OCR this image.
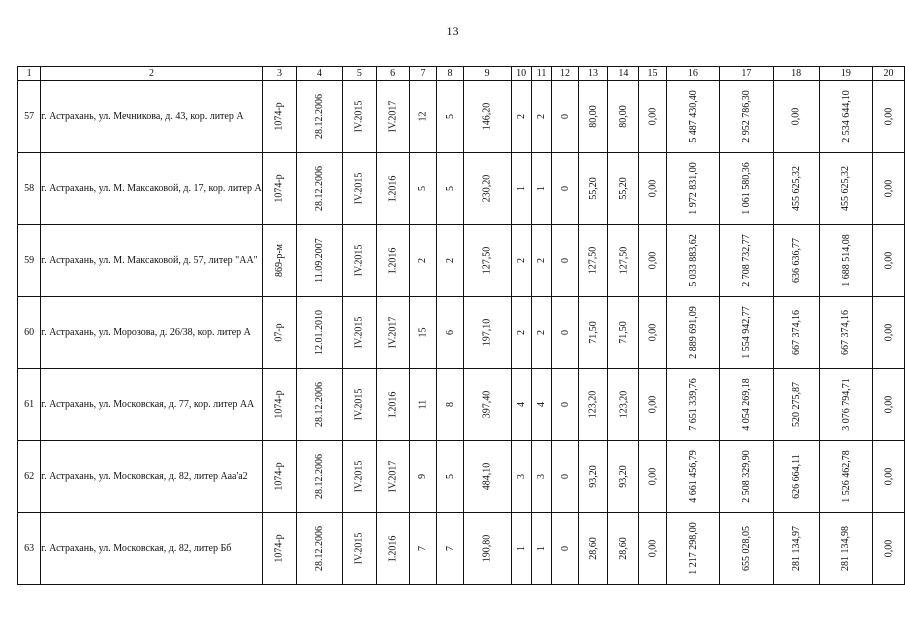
13
1	2	3	4	5	6	7	8	9	10	11	12	13	14	15	16	17	18	19	20
57	г. Астрахань, ул. Мечникова, д. 43, кор. литер А	1074-р	28.12.2006	IV.2015	IV.2017	12	5	146,20	2	2	0	80,00	80,00	0,00	5 487 430,40	2 952 786,30	0,00	2 534 644,10	0,00
58	г. Астрахань, ул. М. Максаковой, д. 17, кор. литер А	1074-р	28.12.2006	IV.2015	I.2016	5	5	230,20	1	1	0	55,20	55,20	0,00	1 972 831,00	1 061 580,36	455 625,32	455 625,32	0,00
59	г. Астрахань, ул. М. Максаковой, д. 57, литер "АА"	869-р-м	11.09.2007	IV.2015	I.2016	2	2	127,50	2	2	0	127,50	127,50	0,00	5 033 883,62	2 708 732,77	636 636,77	1 688 514,08	0,00
60	г. Астрахань, ул. Морозова, д. 26/38, кор. литер А	07-р	12.01.2010	IV.2015	IV.2017	15	6	197,10	2	2	0	71,50	71,50	0,00	2 889 691,09	1 554 942,77	667 374,16	667 374,16	0,00
61	г. Астрахань, ул. Московская, д. 77, кор. литер АА	1074-р	28.12.2006	IV.2015	I.2016	11	8	397,40	4	4	0	123,20	123,20	0,00	7 651 339,76	4 054 269,18	520 275,87	3 076 794,71	0,00
62	г. Астрахань, ул. Московская, д. 82, литер Ааа'а2	1074-р	28.12.2006	IV.2015	IV.2017	9	5	484,10	3	3	0	93,20	93,20	0,00	4 661 456,79	2 508 329,90	626 664,11	1 526 462,78	0,00
63	г. Астрахань, ул. Московская, д. 82, литер Бб	1074-р	28.12.2006	IV.2015	I.2016	7	7	190,80	1	1	0	28,60	28,60	0,00	1 217 298,00	655 028,05	281 134,97	281 134,98	0,00
